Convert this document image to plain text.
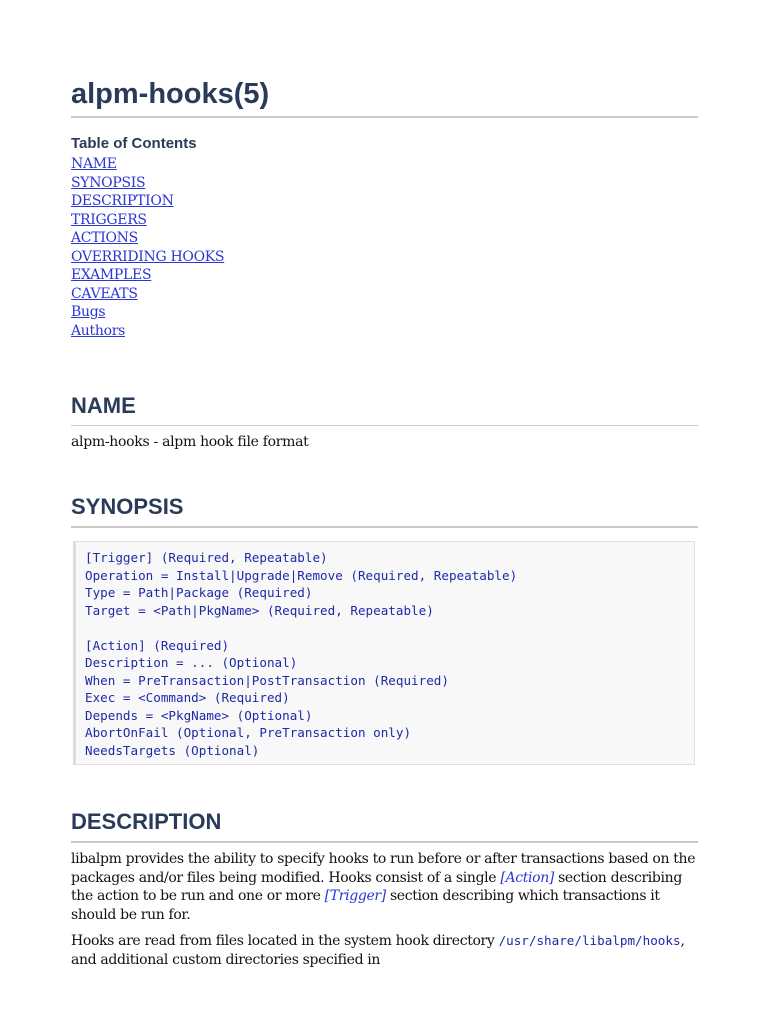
alpm-hooks(5)
Table of Contents
NAME
SYNOPSIS
DESCRIPTION
TRIGGERS
ACTIONS
OVERRIDING HOOKS
EXAMPLES
CAVEATS
Bugs
Authors
NAME
alpm-hooks - alpm hook file format
SYNOPSIS
[Trigger] (Required, Repeatable)
Operation = Install|Upgrade|Remove (Required, Repeatable)
Type = Path|Package (Required)
Target = <Path|PkgName> (Required, Repeatable)
[Action] (Required)
Description = ... (Optional)
When = PreTransaction|PostTransaction (Required)
Exec = <Command> (Required)
Depends = <PkgName> (Optional)
AbortOnFail (Optional, PreTransaction only)
NeedsTargets (Optional)
DESCRIPTION

libalpm provides the ability to specify hooks to run before or after transactions based on the packages and/or files being modified. Hooks consist of a single [Action] section describing the action to be run and one or more [Trigger] section describing which transactions it should be run for.

Hooks are read from files located in the system hook directory /usr/share/libalpm/hooks, and additional custom directories specified in
